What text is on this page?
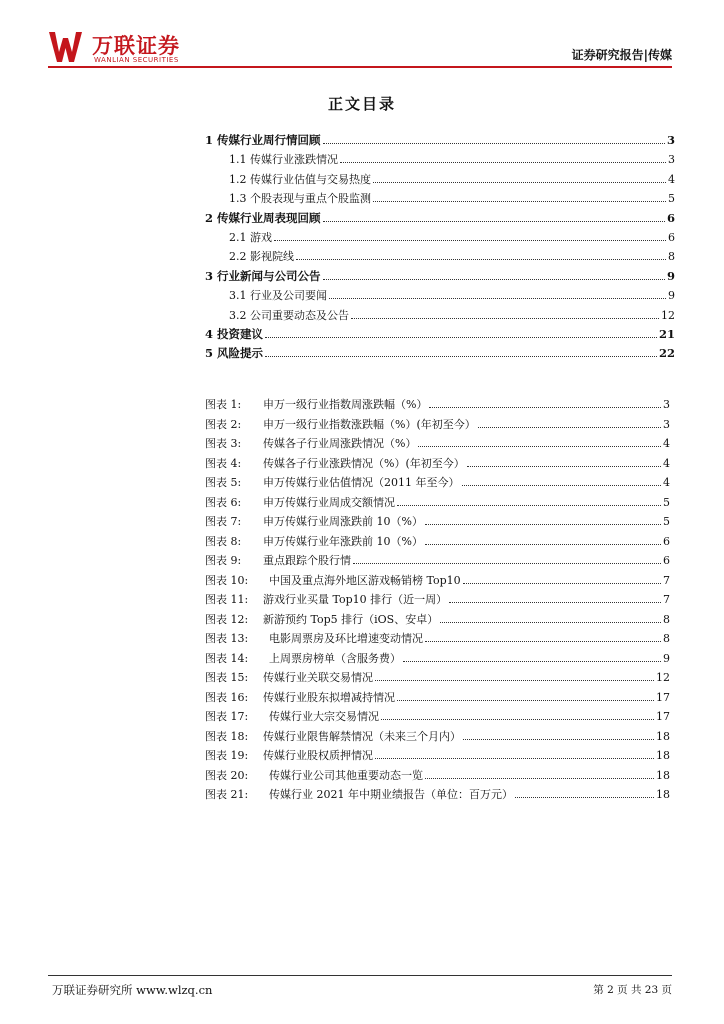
万联证券
WANLIAN SECURITIES	证券研究报告|传媒
正文目录
1 传媒行业周行情回顾	3
1.1 传媒行业涨跌情况	3
1.2 传媒行业估值与交易热度	4
1.3 个股表现与重点个股监测	5
2 传媒行业周表现回顾	6
2.1 游戏	6
2.2 影视院线	8
3 行业新闻与公司公告	9
3.1 行业及公司要闻	9
3.2 公司重要动态及公告	12
4 投资建议	21
5 风险提示	22
图表 1:	申万一级行业指数周涨跌幅（%）	3
图表 2:	申万一级行业指数涨跌幅（%）(年初至今）	3
图表 3:	传媒各子行业周涨跌情况（%）	4
图表 4:	传媒各子行业涨跌情况（%）(年初至今）	4
图表 5:	申万传媒行业估值情况（2011 年至今）	4
图表 6:	申万传媒行业周成交额情况	5
图表 7:	申万传媒行业周涨跌前 10（%）	5
图表 8:	申万传媒行业年涨跌前 10（%）	6
图表 9:	重点跟踪个股行情	6
图表 10:	中国及重点海外地区游戏畅销榜 Top10	7
图表 11:	游戏行业买量 Top10 排行（近一周）	7
图表 12:	新游预约 Top5 排行（iOS、安卓）	8
图表 13:	电影周票房及环比增速变动情况	8
图表 14:	上周票房榜单（含服务费）	9
图表 15:	传媒行业关联交易情况	12
图表 16:	传媒行业股东拟增减持情况	17
图表 17:	传媒行业大宗交易情况	17
图表 18:	传媒行业限售解禁情况（未来三个月内）	18
图表 19:	传媒行业股权质押情况	18
图表 20:	传媒行业公司其他重要动态一览	18
图表 21:	传媒行业 2021 年中期业绩报告（单位：百万元）	18
万联证券研究所 www.wlzq.cn	第 2 页 共 23 页
